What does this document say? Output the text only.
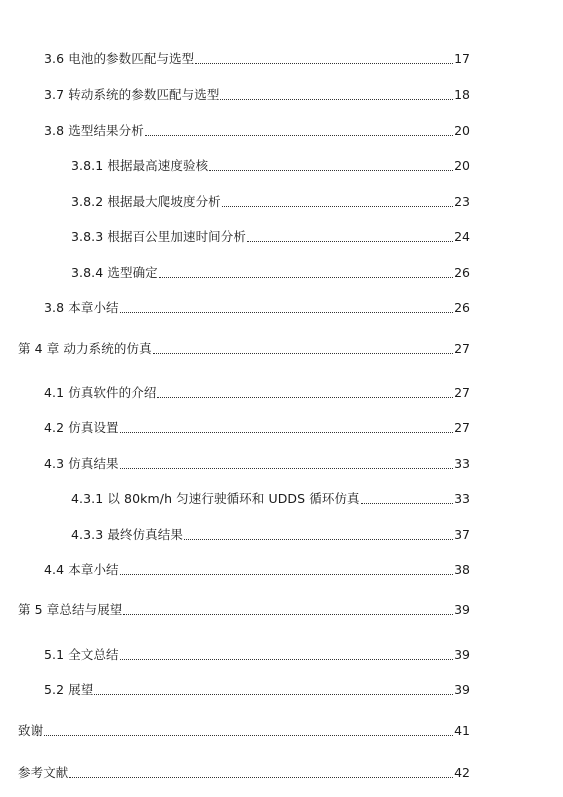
3.6 电池的参数匹配与选型	17
3.7 转动系统的参数匹配与选型	18
3.8 选型结果分析	20
3.8.1 根据最高速度验核	20
3.8.2 根据最大爬坡度分析	23
3.8.3 根据百公里加速时间分析	24
3.8.4 选型确定	26
3.8 本章小结	26
第 4 章 动力系统的仿真	27
4.1 仿真软件的介绍	27
4.2 仿真设置	27
4.3 仿真结果	33
4.3.1 以 80km/h 匀速行驶循环和 UDDS 循环仿真	33
4.3.3 最终仿真结果	37
4.4 本章小结	38
第 5 章总结与展望	39
5.1 全文总结	39
5.2 展望	39
致谢	41
参考文献	42
